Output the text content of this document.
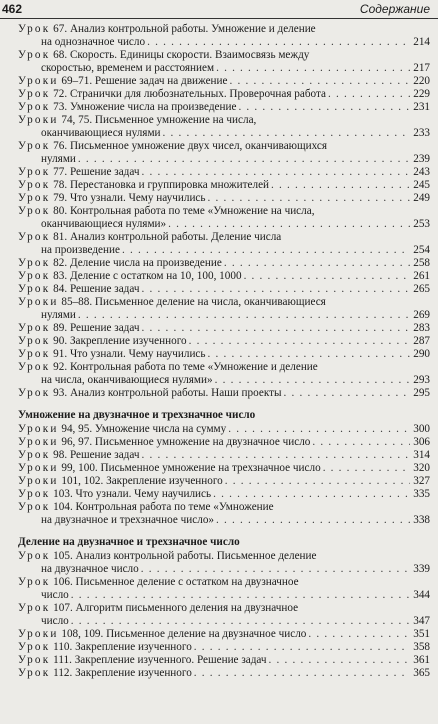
462	Содержание
Урок 67. Анализ контрольной работы. Умножение и деление
на однозначное число . . .	214
Урок 68. Скорость. Единицы скорости. Взаимосвязь между
скоростью, временем и расстоянием . . .	217
Уроки 69–71. Решение задач на движение . . .	220
Урок 72. Странички для любознательных. Проверочная работа . . .	229
Урок 73. Умножение числа на произведение . . .	231
Уроки 74, 75. Письменное умножение на числа,
оканчивающиеся нулями . . .	233
Урок 76. Письменное умножение двух чисел, оканчивающихся
нулями . . .	239
Урок 77. Решение задач . . .	243
Урок 78. Перестановка и группировка множителей . . .	245
Урок 79. Что узнали. Чему научились . . .	249
Урок 80. Контрольная работа по теме «Умножение на числа,
оканчивающиеся нулями» . . .	253
Урок 81. Анализ контрольной работы. Деление числа
на произведение . . .	254
Урок 82. Деление числа на произведение . . .	258
Урок 83. Деление с остатком на 10, 100, 1000 . . .	261
Урок 84. Решение задач . . .	265
Уроки 85–88. Письменное деление на числа, оканчивающиеся
нулями . . .	269
Урок 89. Решение задач . . .	283
Урок 90. Закрепление изученного . . .	287
Урок 91. Что узнали. Чему научились . . .	290
Урок 92. Контрольная работа по теме «Умножение и деление
на числа, оканчивающиеся нулями» . . .	293
Урок 93. Анализ контрольной работы. Наши проекты . . .	295
Умножение на двузначное и трехзначное число
Уроки 94, 95. Умножение числа на сумму . . .	300
Уроки 96, 97. Письменное умножение на двузначное число . . .	306
Урок 98. Решение задач . . .	314
Уроки 99, 100. Письменное умножение на трехзначное число . . .	320
Уроки 101, 102. Закрепление изученного . . .	327
Урок 103. Что узнали. Чему научились . . .	335
Урок 104. Контрольная работа по теме «Умножение
на двузначное и трехзначное число» . . .	338
Деление на двузначное и трехзначное число
Урок 105. Анализ контрольной работы. Письменное деление
на двузначное число . . .	339
Урок 106. Письменное деление с остатком на двузначное
число . . .	344
Урок 107. Алгоритм письменного деления на двузначное
число . . .	347
Уроки 108, 109. Письменное деление на двузначное число . . .	351
Урок 110. Закрепление изученного . . .	358
Урок 111. Закрепление изученного. Решение задач . . .	361
Урок 112. Закрепление изученного . . .	365
